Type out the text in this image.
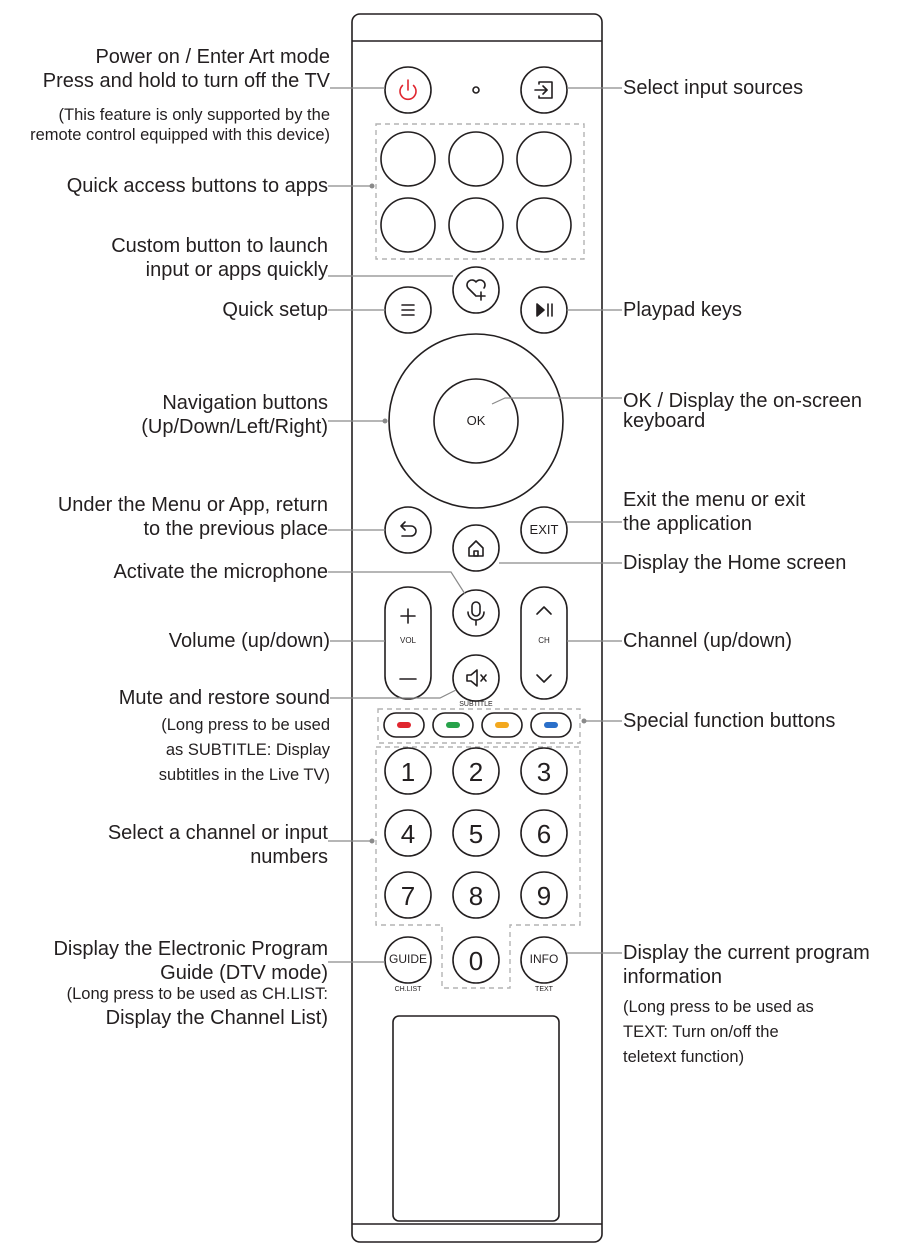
OK
EXIT
VOL	CH
SUBTITLE
1	2	3
4	5	6
7	8	9
0
GUIDE
CH.LIST
INFO
TEXT
Power on / Enter Art mode
Press and hold to turn off the TV
(This feature is only supported by the
remote control equipped with this device)
Quick access buttons to apps
Custom button to launch
input or apps quickly
Quick setup
Navigation buttons
(Up/Down/Left/Right)
Under the Menu or App, return
to the previous place
Activate the microphone
Volume (up/down)
Mute and restore sound
(Long press to be used
as SUBTITLE: Display
subtitles in the Live TV)
Select a channel or input
numbers
Display the Electronic Program
Guide (DTV mode)
(Long press to be used as CH.LIST:
Display the Channel List)
Select input sources
Playpad keys
OK / Display the on-screen
keyboard
Exit the menu or exit
the application
Display the Home screen
Channel (up/down)
Special function buttons
Display the current program
information
(Long press to be used as
TEXT: Turn on/off the
teletext function)
